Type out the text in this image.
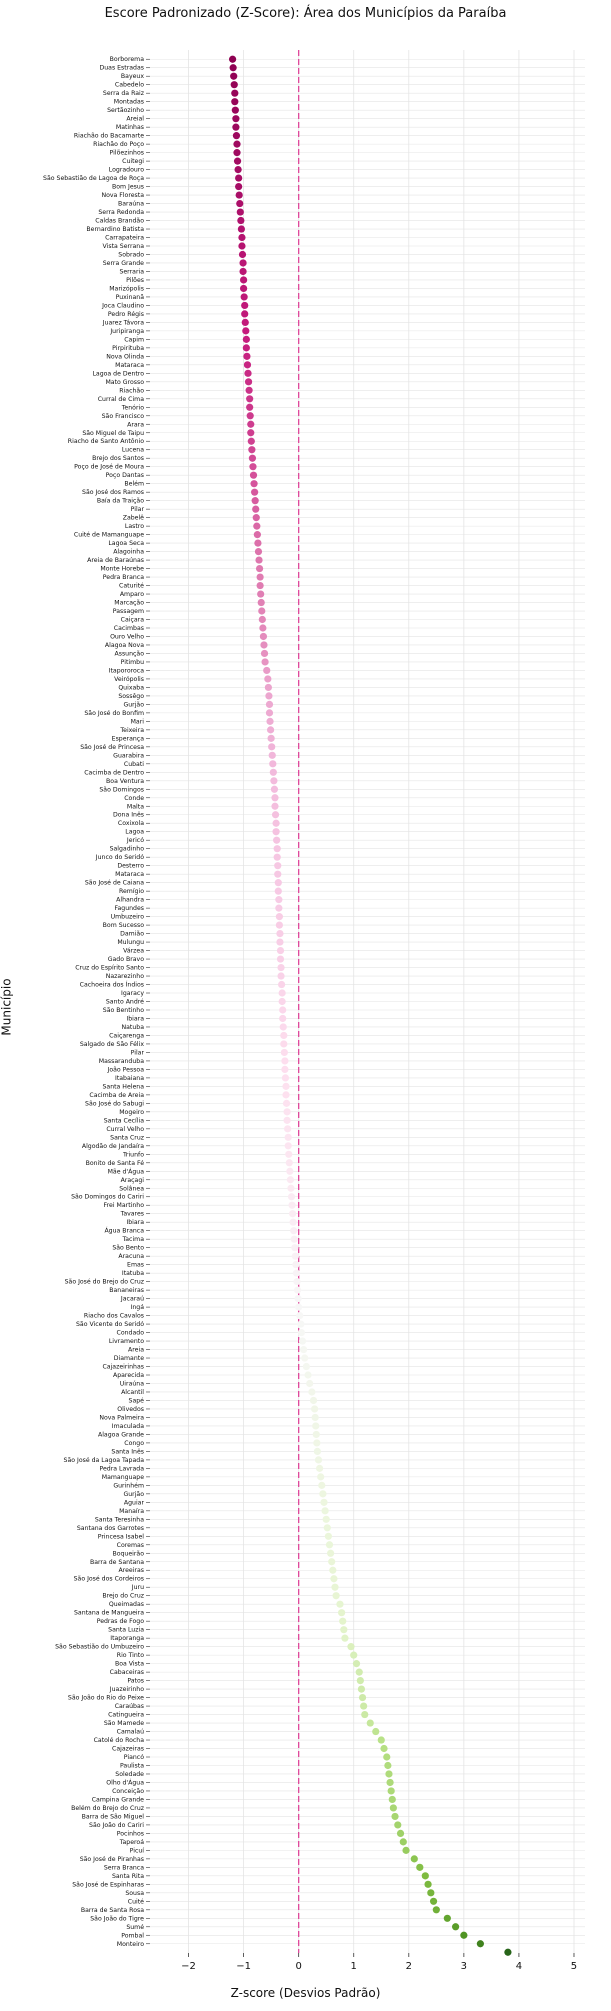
Escore Padronizado (Z-Score): Área dos Municípios da Paraíba
Município
Z-score (Desvios Padrão)
Borborema
Duas Estradas
Bayeux
Cabedelo
Serra da Raiz
Montadas
Sertãozinho
Areial
Matinhas
Riachão do Bacamarte
Riachão do Poço
Pilõezinhos
Cuitegi
Logradouro
São Sebastião de Lagoa de Roça
Bom Jesus
Nova Floresta
Baraúna
Serra Redonda
Caldas Brandão
Bernardino Batista
Carrapateira
Vista Serrana
Sobrado
Serra Grande
Serraria
Pilões
Marizópolis
Puxinanã
Joca Claudino
Pedro Régis
Juarez Távora
Juripiranga
Capim
Pirpirituba
Nova Olinda
Mataraca
Lagoa de Dentro
Mato Grosso
Riachão
Curral de Cima
Tenório
São Francisco
Arara
São Miguel de Taipu
Riacho de Santo Antônio
Lucena
Brejo dos Santos
Poço de José de Moura
Poço Dantas
Belém
São José dos Ramos
Baía da Traição
Pilar
Zabelê
Lastro
Cuité de Mamanguape
Lagoa Seca
Alagoinha
Areia de Baraúnas
Monte Horebe
Pedra Branca
Caturité
Amparo
Marcação
Passagem
Caiçara
Cacimbas
Ouro Velho
Alagoa Nova
Assunção
Pitimbu
Itapororoca
Veirópolis
Quixaba
Sossêgo
Gurjão
São José do Bonfim
Mari
Teixeira
Esperança
São José de Princesa
Guarabira
Cubati
Cacimba de Dentro
Boa Ventura
São Domingos
Conde
Malta
Dona Inês
Coxixola
Lagoa
Jericó
Salgadinho
Junco do Seridó
Desterro
Mataraca
São José de Caiana
Remígio
Alhandra
Fagundes
Umbuzeiro
Bom Sucesso
Damião
Mulungu
Várzea
Gado Bravo
Cruz do Espírito Santo
Nazarezinho
Cachoeira dos Índios
Igaracy
Santo André
São Bentinho
Ibiara
Natuba
Caiçarenga
Salgado de São Félix
Pilar
Massaranduba
João Pessoa
Itabaiana
Santa Helena
Cacimba de Areia
São José do Sabugi
Mogeiro
Santa Cecília
Curral Velho
Santa Cruz
Algodão de Jandaíra
Triunfo
Bonito de Santa Fé
Mãe d'Água
Araçagi
Solânea
São Domingos do Cariri
Frei Martinho
Tavares
Ibiara
Água Branca
Tacima
São Bento
Aracuna
Emas
Itatuba
São José do Brejo do Cruz
Bananeiras
Jacaraú
Ingá
Riacho dos Cavalos
São Vicente do Seridó
Condado
Livramento
Areia
Diamante
Cajazeirinhas
Aparecida
Uiraúna
Alcantil
Sapé
Olivedos
Nova Palmeira
Imaculada
Alagoa Grande
Congo
Santa Inês
São José da Lagoa Tapada
Pedra Lavrada
Mamanguape
Gurinhém
Gurjão
Aguiar
Manaíra
Santa Teresinha
Santana dos Garrotes
Princesa Isabel
Coremas
Boqueirão
Barra de Santana
Areeiras
São José dos Cordeiros
Juru
Brejo do Cruz
Queimadas
Santana de Mangueira
Pedras de Fogo
Santa Luzia
Itaporanga
São Sebastião do Umbuzeiro
Rio Tinto
Boa Vista
Cabaceiras
Patos
Juazeirinho
São João do Rio do Peixe
Caraúbas
Catingueira
São Mamede
Camalaú
Catolé do Rocha
Cajazeiras
Piancó
Paulista
Soledade
Olho d'Água
Conceição
Campina Grande
Belém do Brejo do Cruz
Barra de São Miguel
São João do Cariri
Pocinhos
Taperoá
Picuí
São José de Piranhas
Serra Branca
Santa Rita
São José de Espinharas
Sousa
Cuité
Barra de Santa Rosa
São João do Tigre
Sumé
Pombal
Monteiro
−2	−1	0	1	2	3	4	5
